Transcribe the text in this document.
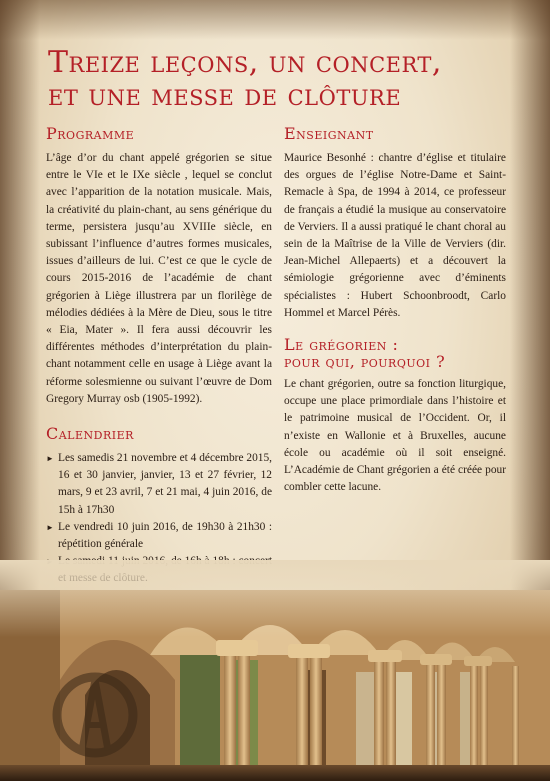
Treize leçons, un concert,
et une messe de clôture
Programme

L’âge d’or du chant appelé grégorien se situe entre le VIe et le IXe siècle , lequel se conclut avec l’apparition de la notation musicale. Mais, la créativité du plain-chant, au sens générique du terme, persistera jusqu’au XVIIIe siècle, en subissant l’influence d’autres formes musicales, issues d’ailleurs de lui. C’est ce que le cycle de cours 2015-2016 de l’académie de chant grégorien à Liège illustrera par un florilège de mélodies dédiées à la Mère de Dieu, sous le titre « Eia, Mater ». Il fera aussi découvrir les différentes méthodes d’interprétation du plain-chant notamment celle en usage à Liège avant la réforme solesmienne ou suivant l’œuvre de Dom Gregory Murray osb (1905-1992).

Calendrier
► Les samedis 21 novembre et 4 décembre 2015, 16 et 30 janvier, janvier, 13 et 27 février, 12 mars, 9 et 23 avril, 7 et 21 mai, 4 juin 2016, de 15h à 17h30
► Le vendredi 10 juin 2016, de 19h30 à 21h30 : répétition générale
Enseignant

Maurice Besonhé : chantre d’église et titulaire des orgues de l’église Notre-Dame et Saint-Remacle à Spa, de 1994 à 2014, ce professeur de français a étudié la musique au conservatoire de Verviers. Il a aussi pratiqué le chant choral au sein de la Maîtrise de la Ville de Verviers (dir. Jean-Michel Allepaerts) et a découvert la sémiologie grégorienne avec d’éminents spécialistes : Hubert Schoonbroodt, Carlo Hommel et Marcel Pérès.

Le grégorien :
pour qui, pourquoi ?

Le chant grégorien, outre sa fonction liturgique, occupe une place primordiale dans l’histoire et le patrimoine musical de l’Occident. Or, il n’existe en Wallonie et à Bruxelles, aucune école ou académie où il soit enseigné. L’Académie de Chant grégorien a été créée pour combler cette lacune.
